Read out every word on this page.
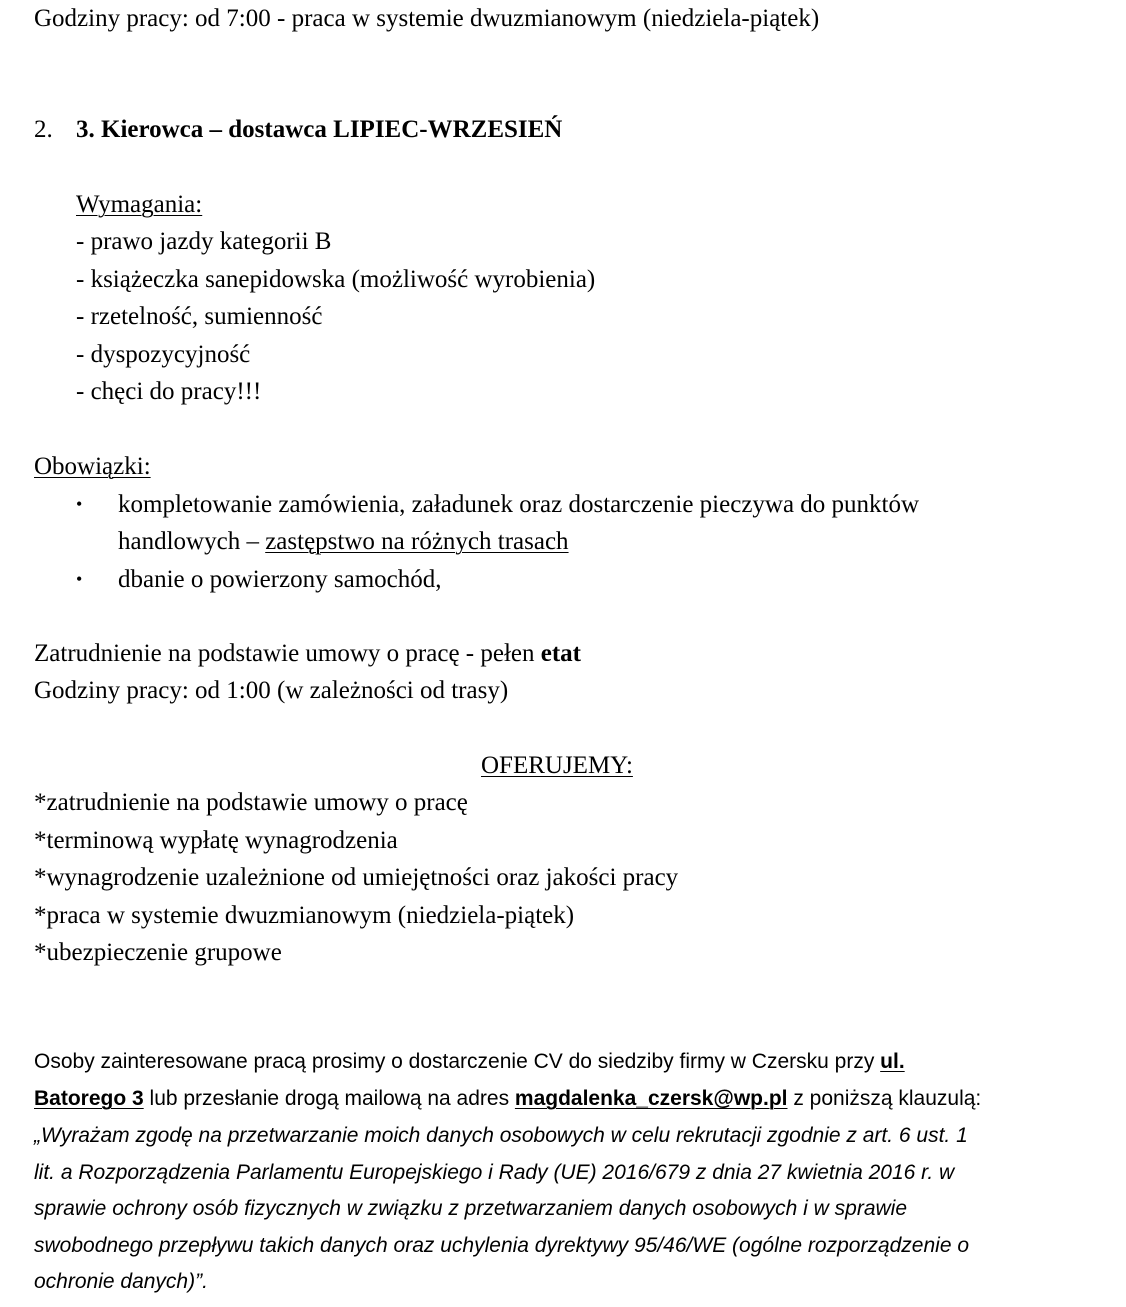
Godziny pracy: od 7:00 - praca w systemie dwuzmianowym (niedziela-piątek)
2. 3. Kierowca – dostawca LIPIEC-WRZESIEŃ
Wymagania:
- prawo jazdy kategorii B
- książeczka sanepidowska (możliwość wyrobienia)
- rzetelność, sumienność
- dyspozycyjność
- chęci do pracy!!!
Obowiązki:
• kompletowanie zamówienia, załadunek oraz dostarczenie pieczywa do punktów
handlowych – zastępstwo na różnych trasach
• dbanie o powierzony samochód,
Zatrudnienie na podstawie umowy o pracę - pełen etat
Godziny pracy: od 1:00 (w zależności od trasy)
OFERUJEMY:
*zatrudnienie na podstawie umowy o pracę
*terminową wypłatę wynagrodzenia
*wynagrodzenie uzależnione od umiejętności oraz jakości pracy
*praca w systemie dwuzmianowym (niedziela-piątek)
*ubezpieczenie grupowe
Osoby zainteresowane pracą prosimy o dostarczenie CV do siedziby firmy w Czersku przy ul.
Batorego 3 lub przesłanie drogą mailową na adres magdalenka_czersk@wp.pl z poniższą klauzulą:
„Wyrażam zgodę na przetwarzanie moich danych osobowych w celu rekrutacji zgodnie z art. 6 ust. 1
lit. a Rozporządzenia Parlamentu Europejskiego i Rady (UE) 2016/679 z dnia 27 kwietnia 2016 r. w
sprawie ochrony osób fizycznych w związku z przetwarzaniem danych osobowych i w sprawie
swobodnego przepływu takich danych oraz uchylenia dyrektywy 95/46/WE (ogólne rozporządzenie o
ochronie danych)”.
